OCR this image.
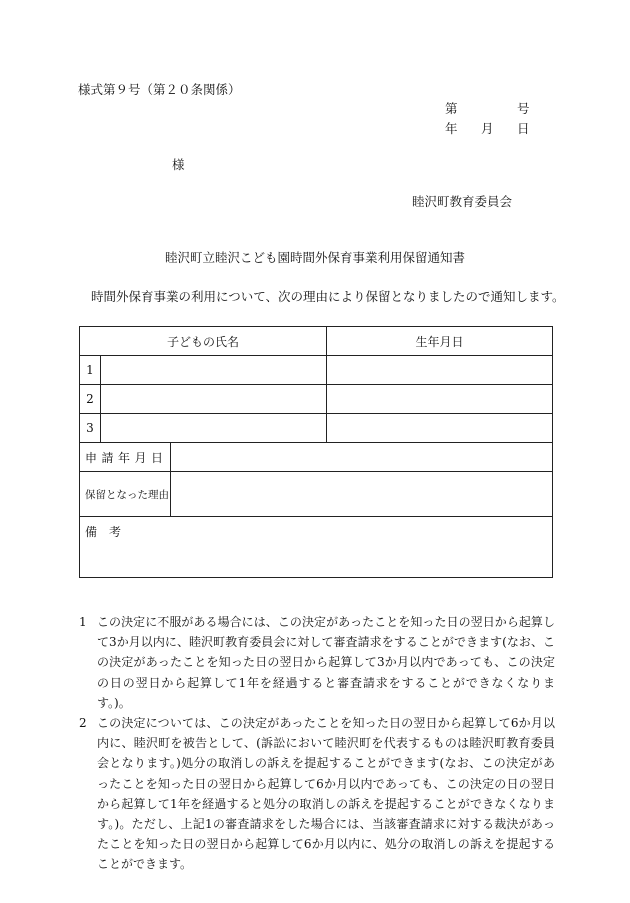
様式第９号（第２０条関係）
第	号
年 月 日
様
睦沢町教育委員会
睦沢町立睦沢こども園時間外保育事業利用保留通知書
時間外保育事業の利用について、次の理由により保留となりましたので通知します。
子どもの氏名			生年月日
1			
2			
3			
申請年月日			
保留となった理由			
備考			
1 この決定に不服がある場合には、この決定があったことを知った日の翌日から起算して3か月以内に、睦沢町教育委員会に対して審査請求をすることができます(なお、この決定があったことを知った日の翌日から起算して3か月以内であっても、この決定の日の翌日から起算して1年を経過すると審査請求をすることができなくなります。)。
2 この決定については、この決定があったことを知った日の翌日から起算して6か月以内に、睦沢町を被告として、(訴訟において睦沢町を代表するものは睦沢町教育委員会となります。)処分の取消しの訴えを提起することができます(なお、この決定があったことを知った日の翌日から起算して6か月以内であっても、この決定の日の翌日から起算して1年を経過すると処分の取消しの訴えを提起することができなくなります。)。ただし、上記1の審査請求をした場合には、当該審査請求に対する裁決があったことを知った日の翌日から起算して6か月以内に、処分の取消しの訴えを提起することができます。
